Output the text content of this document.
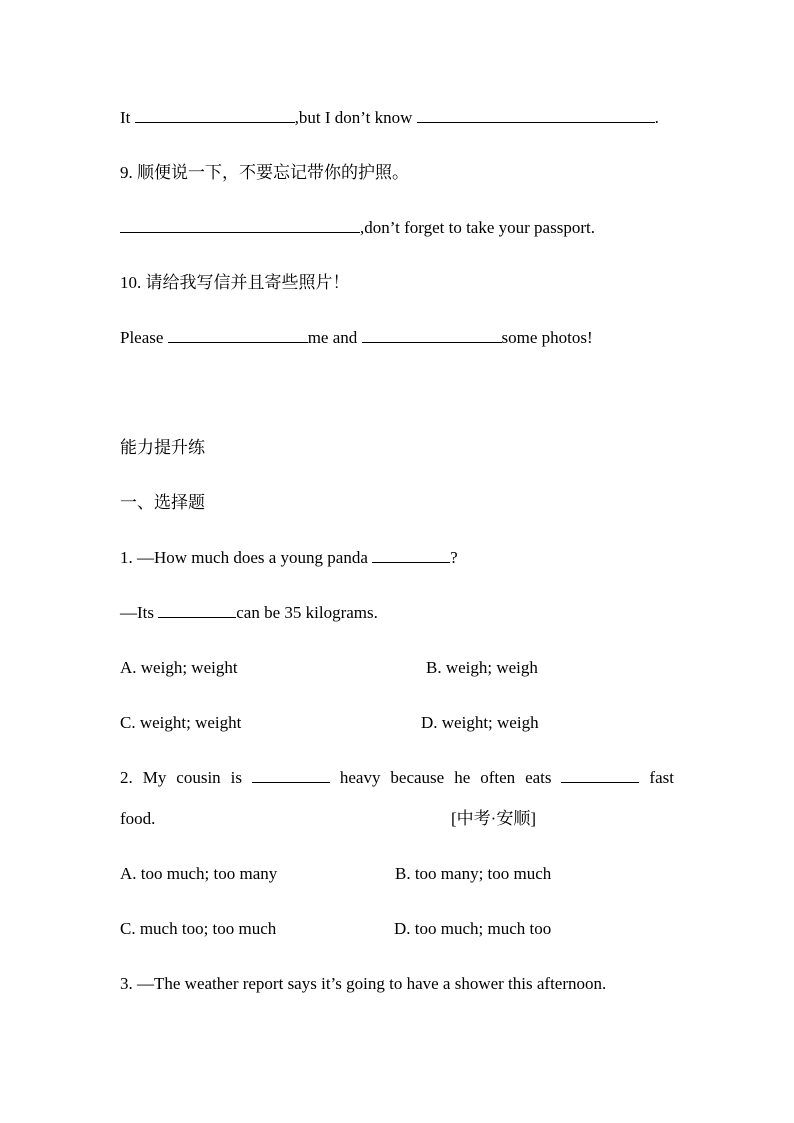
It	,but I don’t know	.
9. 顺便说一下，不要忘记带你的护照。
,don’t forget to take your passport.
10. 请给我写信并且寄些照片！
Please	me and	some photos!
能力提升练
一、选择题
1. —How much does a young panda	?
—Its	can be 35 kilograms.
A. weigh; weight	B. weigh; weigh
C. weight; weight	D. weight; weigh
2. My cousin is	heavy because he often eats	fast
food.	[中考·安顺]
A. too much; too many	B. too many; too much
C. much too; too much	D. too much; much too
3. —The weather report says it’s going to have a shower this afternoon.
